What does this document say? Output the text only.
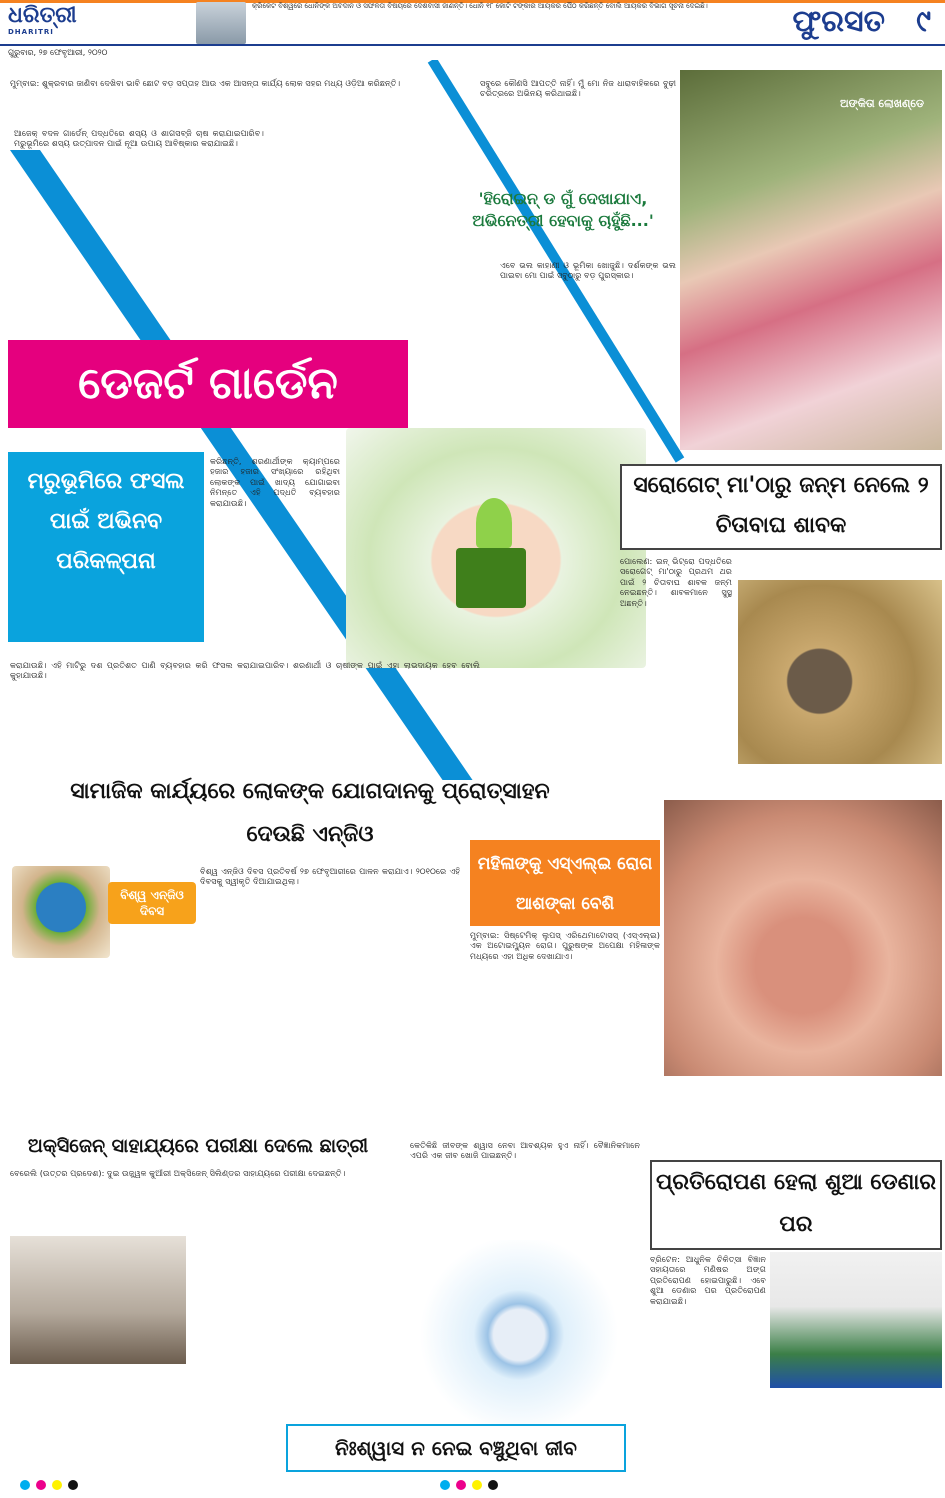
ଧରିତ୍ରୀ
DHARITRI
କ୍ରିକେଟ ବିଶ୍ୱରେ ଧୋନିଙ୍କ ଅବଦାନ ଓ ସଫଳତା ବିଷୟରେ ଦେଶବାସୀ ଜାଣନ୍ତି। ଧୋନି ୧୮ କୋଟି ଟଙ୍କାର ଆୟକର ପୈଠ କରିଛନ୍ତି ବୋଲି ଆୟକର ବିଭାଗ ସୂଚନା ଦେଇଛି।	ଫୁରସତ ୯
ଗୁରୁବାର, ୨୭ ଫେବୃଆରୀ, ୨୦୨୦
ମୁମ୍ବାଇ: ଶୁକ୍ରବାର ଜାଣିବା ଦେଖିବା ଭାବି ଛୋଟ ବଡ଼ ସପ୍ତାହ ଆଉ ଏକ ଆସନ୍ତା କାର୍ଯ୍ୟ ଲୋକ ସହର ମଧ୍ୟ ଓଡ଼ିଆ କରିଛନ୍ତି।
ଆଜେକ୍ ବଦଳ ଗାର୍ଡେନ୍ ପଦ୍ଧତିରେ ଶସ୍ୟ ଓ ଶାଗସବ୍ଜି ଚାଷ କରାଯାଇପାରିବ। ମରୁଭୂମିରେ ଶସ୍ୟ ଉତ୍ପାଦନ ପାଇଁ ନୂଆ ଉପାୟ ଆବିଷ୍କାର କରାଯାଇଛି।
ଡେଜର୍ଟ ଗାର୍ଡେନ
ମରୁଭୂମିରେ ଫସଲ ପାଇଁ ଅଭିନବ ପରିକଳ୍ପନା
କରିଛନ୍ତି, ଶରଣାର୍ଥୀଙ୍କ କ୍ୟାମ୍ପରେ ହଜାର ହଜାର ସଂଖ୍ୟାରେ ରହିଥିବା ଲୋକଙ୍କ ପାଇଁ ଖାଦ୍ୟ ଯୋଗାଇବା ନିମନ୍ତେ ଏହି ପଦ୍ଧତି ବ୍ୟବହାର କରାଯାଉଛି।
କରାଯାଉଛି। ଏହି ମାଟିରୁ ଦଶ ପ୍ରତିଶତ ପାଣି ବ୍ୟବହାର କରି ଫସଲ କରାଯାଇପାରିବ। ଶରଣାର୍ଥୀ ଓ ଚାଷୀଙ୍କ ପାଇଁ ଏହା ଲାଭଦାୟକ ହେବ ବୋଲି କୁହାଯାଉଛି।
ସବୁରେ କୌଣସି ଆପତ୍ତି ନାହିଁ। ମୁଁ ମୋ ନିଜ ଧାରାବାହିକରେ ବୁଢ଼ୀ ଚରିତ୍ରରେ ଅଭିନୟ କରିଥାଇଛି।
ଅଙ୍କିତା ଲୋଖଣ୍ଡେ
'ହିରୋଇନ୍ ଡ ଗୁଁ ଦେଖାଯାଏ, ଅଭିନେତ୍ରୀ ହେବାକୁ ଚାହୁଁଛି...'
ଏବେ ଭଲ କାହାଣୀ ଓ ଭୂମିକା ଖୋଜୁଛି। ଦର୍ଶକଙ୍କ ଭଲ ପାଇବା ମୋ ପାଇଁ ସବୁଠାରୁ ବଡ଼ ପୁରସ୍କାର।
ସରୋଗେଟ୍ ମା'ଠାରୁ ଜନ୍ମ ନେଲେ ୨ ଚିତାବାଘ ଶାବକ
ପୋଲେଣ: ଇନ୍‌ ଭିଟ୍ରୋ ପଦ୍ଧତିରେ ସରୋଗେଟ୍ ମା'ଠାରୁ ପ୍ରଥମ ଥର ପାଇଁ ୨ ଚିତାବାଘ ଶାବକ ଜନ୍ମ ନେଇଛନ୍ତି। ଶାବକମାନେ ସୁସ୍ଥ ଅଛନ୍ତି।
ସାମାଜିକ କାର୍ଯ୍ୟରେ ଲୋକଙ୍କ ଯୋଗଦାନକୁ ପ୍ରୋତ୍ସାହନ ଦେଉଛି ଏନ୍‌ଜିଓ
ବିଶ୍ୱ ଏନ୍‌ଜିଓ ଦିବସ
ବିଶ୍ୱ ଏନ୍‌ଜିଓ ଦିବସ ପ୍ରତିବର୍ଷ ୨୭ ଫେବୃଆରୀରେ ପାଳନ କରାଯାଏ। ୨୦୧୦ରେ ଏହି ଦିବସକୁ ସ୍ୱୀକୃତି ଦିଆଯାଇଥିଲା।
ମହିଳାଙ୍କୁ ଏସ୍‌ଏଲ୍‌ଇ ରୋଗ ଆଶଙ୍କା ବେଶି
ମୁମ୍ବାଇ: ସିଷ୍ଟେମିକ୍ ଲୁପସ୍ ଏରିଥେମାଟୋସସ୍ (ଏସ୍‌ଏଲ୍‌ଇ) ଏକ ଅଟୋଇମ୍ୟୁନ ରୋଗ। ପୁରୁଷଙ୍କ ଅପେକ୍ଷା ମହିଳାଙ୍କ ମଧ୍ୟରେ ଏହା ଅଧିକ ଦେଖାଯାଏ।
ଅକ୍ସିଜେନ୍ ସାହାଯ୍ୟରେ ପରୀକ୍ଷା ଦେଲେ ଛାତ୍ରୀ
ବେରେଲି (ଉତ୍ତର ପ୍ରଦେଶ): ଦୁଇ ଉଜ୍ଜ୍ୱଳ କୁଆଁରୀ ଅକ୍ସିଜେନ୍ ସିଲିଣ୍ଡର ସାହାଯ୍ୟରେ ପରୀକ୍ଷା ଦେଇଛନ୍ତି।
କେତିକିଛି ଜୀବଙ୍କ ଶ୍ୱାସ ନେବା ଆବଶ୍ୟକ ହୁଏ ନାହିଁ। ବୈଜ୍ଞାନିକମାନେ ଏପରି ଏକ ଜୀବ ଖୋଜି ପାଇଛନ୍ତି।
ନିଃଶ୍ୱାସ ନ ନେଇ ବଞ୍ଚୁଥିବା ଜୀବ
ପ୍ରତିରୋପଣ ହେଲା ଶୁଆ ଡେଣାର ପର
ବ୍ରିଟେନ: ଆଧୁନିକ ଚିକିତ୍ସା ବିଜ୍ଞାନ ସହାୟତାରେ ମଣିଷର ଅଙ୍ଗ ପ୍ରତିରୋପଣ ହୋଇପାରୁଛି। ଏବେ ଶୁଆ ଡେଣାର ପର ପ୍ରତିରୋପଣ କରାଯାଇଛି।
